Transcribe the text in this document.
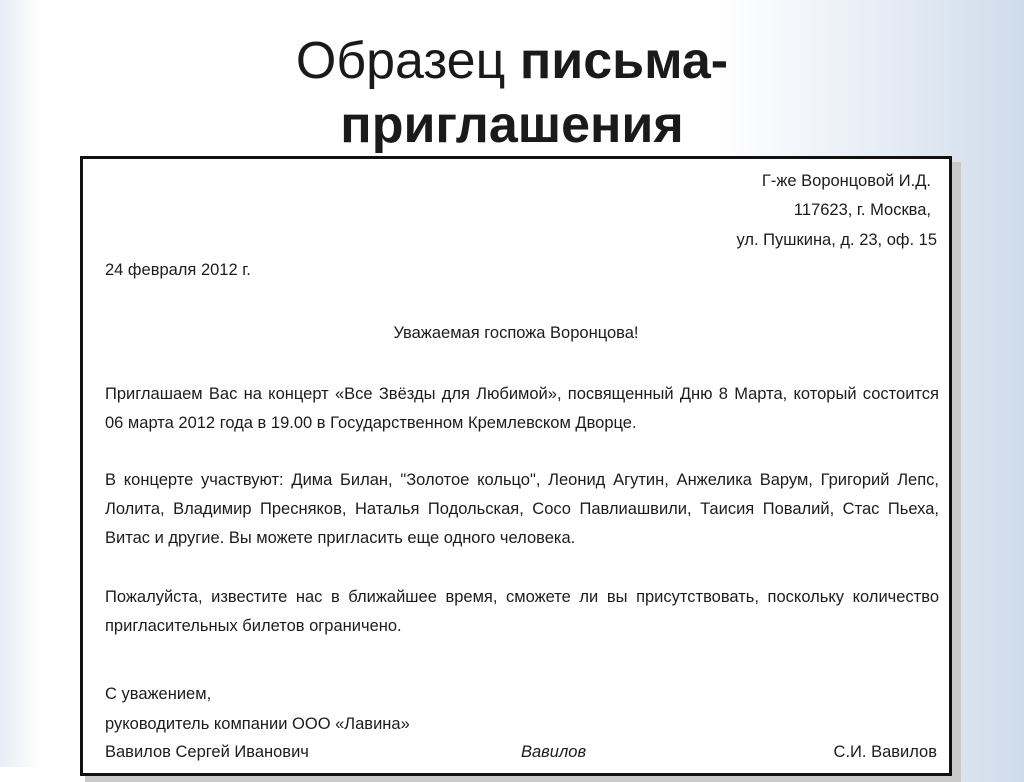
Образец письма-
приглашения
Г-же Воронцовой И.Д.
117623, г. Москва,
ул. Пушкина, д. 23, оф. 15
24 февраля 2012 г.
Уважаемая госпожа Воронцова!
Приглашаем Вас на концерт «Все Звёзды для Любимой», посвященный Дню 8 Марта, который состоится 06 марта 2012 года в 19.00 в Государственном Кремлевском Дворце.
В концерте участвуют: Дима Билан, "Золотое кольцо", Леонид Агутин, Анжелика Варум, Григорий Лепс, Лолита, Владимир Пресняков, Наталья Подольская, Сосо Павлиашвили, Таисия Повалий, Стас Пьеха, Витас и другие. Вы можете пригласить еще одного человека.
Пожалуйста, известите нас в ближайшее время, сможете ли вы присутствовать, поскольку количество пригласительных билетов ограничено.
С уважением,
руководитель компании ООО «Лавина»
Вавилов Сергей Иванович	Вавилов	С.И. Вавилов
